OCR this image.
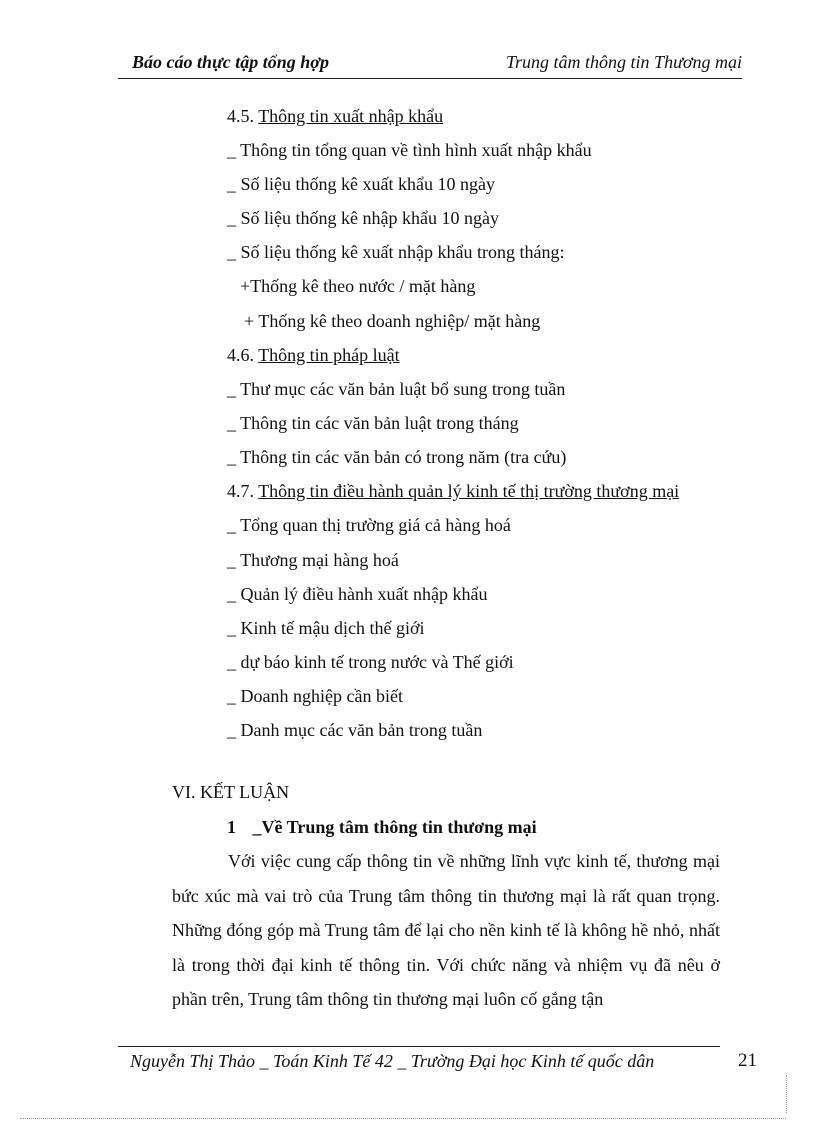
Báo cáo thực tập tổng hợp	Trung tâm thông tin Thương mại
4.5. Thông tin xuất nhập khẩu
_ Thông tin tổng quan về tình hình xuất nhập khẩu
_ Số liệu thống kê xuất khẩu 10 ngày
_ Số liệu thống kê nhập khẩu 10 ngày
_ Số liệu thống kê xuất nhập khẩu trong tháng:
+Thống kê theo nước / mặt hàng
+ Thống kê theo doanh nghiệp/ mặt hàng
4.6. Thông tin pháp luật
_ Thư mục các văn bản luật bổ sung trong tuần
_ Thông tin các văn bản luật trong tháng
_ Thông tin các văn bản có trong năm (tra cứu)
4.7. Thông tin điều hành quản lý kinh tế thị trường thương mại
_ Tổng quan thị trường giá cả hàng hoá
_ Thương mại hàng hoá
_ Quản lý điều hành xuất nhập khẩu
_ Kinh tế mậu dịch thế giới
_ dự báo kinh tế trong nước và Thế giới
_ Doanh nghiệp cần biết
_ Danh mục các văn bản trong tuần
VI. KẾT LUẬN
1 _Về Trung tâm thông tin thương mại
Với việc cung cấp thông tin về những lĩnh vực kinh tế, thương mại bức xúc mà vai trò của Trung tâm thông tin thương mại là rất quan trọng. Những đóng góp mà Trung tâm để lại cho nền kinh tế là không hề nhỏ, nhất là trong thời đại kinh tế thông tin. Với chức năng và nhiệm vụ đã nêu ở phần trên, Trung tâm thông tin thương mại luôn cố gắng tận
Nguyễn Thị Thảo _ Toán Kinh Tế 42 _ Trường Đại học Kinh tế quốc dân	21
